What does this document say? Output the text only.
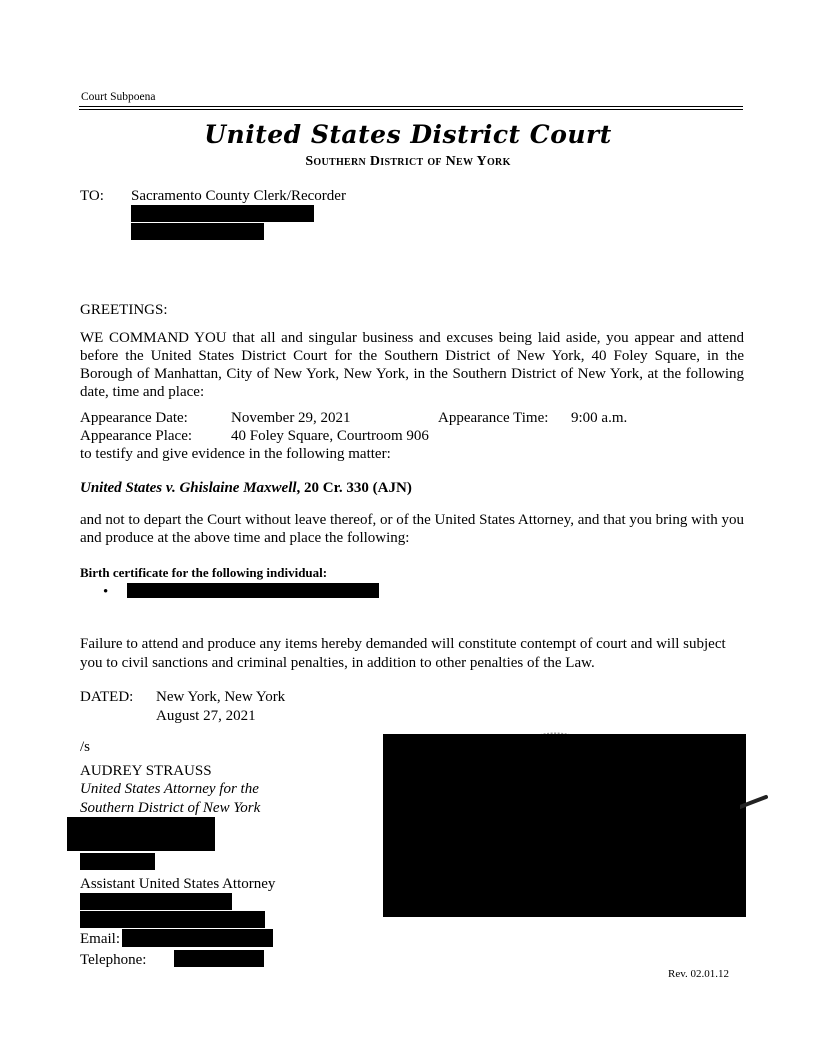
Court Subpoena
United States District Court
Southern District of New York
TO: Sacramento County Clerk/Recorder
GREETINGS:
WE COMMAND YOU that all and singular business and excuses being laid aside, you appear and attend before the United States District Court for the Southern District of New York, 40 Foley Square, in the Borough of Manhattan, City of New York, New York, in the Southern District of New York, at the following date, time and place:
Appearance Date:	November 29, 2021	Appearance Time: 9:00 a.m.
Appearance Place:	40 Foley Square, Courtroom 906
to testify and give evidence in the following matter:
United States v. Ghislaine Maxwell, 20 Cr. 330 (AJN)
and not to depart the Court without leave thereof, or of the United States Attorney, and that you bring with you and produce at the above time and place the following:
Birth certificate for the following individual:
•
Failure to attend and produce any items hereby demanded will constitute contempt of court and will subject you to civil sanctions and criminal penalties, in addition to other penalties of the Law.
DATED: New York, New York
August 27, 2021
/s
AUDREY STRAUSS
United States Attorney for the
Southern District of New York
Assistant United States Attorney
Email:
Telephone:
Rev. 02.01.12
